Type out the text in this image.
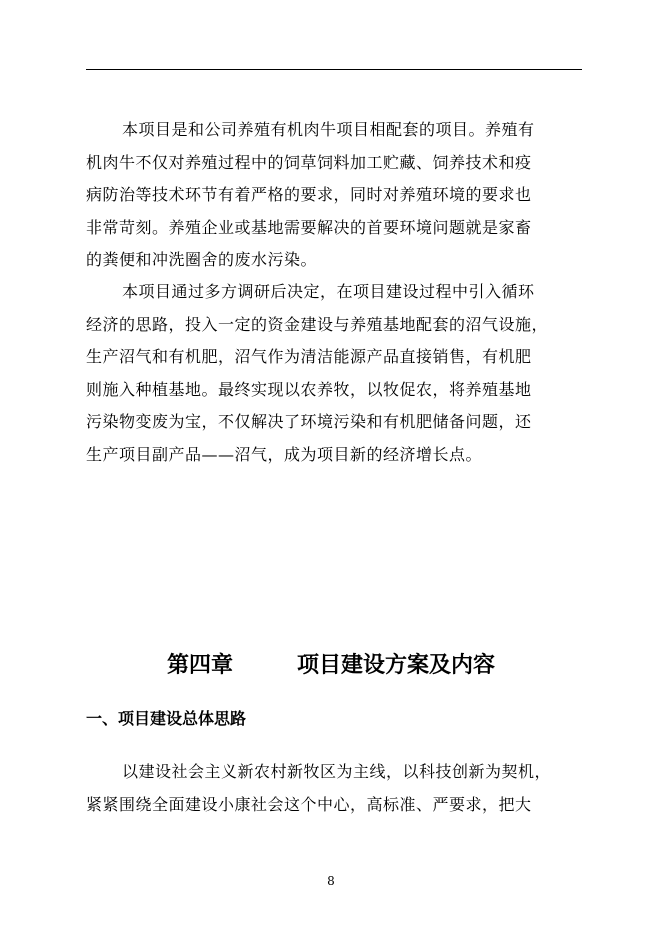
本项目是和公司养殖有机肉牛项目相配套的项目。养殖有
机肉牛不仅对养殖过程中的饲草饲料加工贮藏、饲养技术和疫
病防治等技术环节有着严格的要求，同时对养殖环境的要求也
非常苛刻。养殖企业或基地需要解决的首要环境问题就是家畜
的粪便和冲洗圈舍的废水污染。
本项目通过多方调研后决定，在项目建设过程中引入循环
经济的思路，投入一定的资金建设与养殖基地配套的沼气设施，
生产沼气和有机肥，沼气作为清洁能源产品直接销售，有机肥
则施入种植基地。最终实现以农养牧，以牧促农，将养殖基地
污染物变废为宝，不仅解决了环境污染和有机肥储备问题，还
生产项目副产品——沼气，成为项目新的经济增长点。
第四章	项目建设方案及内容
一、项目建设总体思路
以建设社会主义新农村新牧区为主线，以科技创新为契机，
紧紧围绕全面建设小康社会这个中心，高标准、严要求，把大
8
